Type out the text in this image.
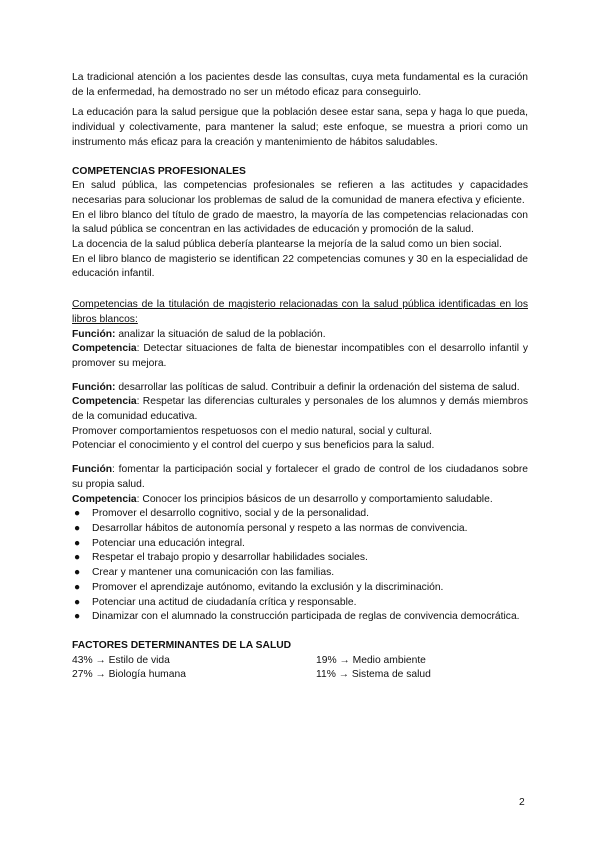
La tradicional atención a los pacientes desde las consultas, cuya meta fundamental es la curación de la enfermedad, ha demostrado no ser un método eficaz para conseguirlo.

La educación para la salud persigue que la población desee estar sana, sepa y haga lo que pueda, individual y colectivamente, para mantener la salud; este enfoque, se muestra a priori como un instrumento más eficaz para la creación y mantenimiento de hábitos saludables.

COMPETENCIAS PROFESIONALES

En salud pública, las competencias profesionales se refieren a las actitudes y capacidades necesarias para solucionar los problemas de salud de la comunidad de manera efectiva y eficiente.

En el libro blanco del título de grado de maestro, la mayoría de las competencias relacionadas con la salud pública se concentran en las actividades de educación y promoción de la salud.

La docencia de la salud pública debería plantearse la mejoría de la salud como un bien social.

En el libro blanco de magisterio se identifican 22 competencias comunes y 30 en la especialidad de educación infantil.

Competencias de la titulación de magisterio relacionadas con la salud pública identificadas en los libros blancos:

Función: analizar la situación de salud de la población.

Competencia: Detectar situaciones de falta de bienestar incompatibles con el desarrollo infantil y promover su mejora.

Función: desarrollar las políticas de salud. Contribuir a definir la ordenación del sistema de salud.

Competencia: Respetar las diferencias culturales y personales de los alumnos y demás miembros de la comunidad educativa.

Promover comportamientos respetuosos con el medio natural, social y cultural.

Potenciar el conocimiento y el control del cuerpo y sus beneficios para la salud.

Función: fomentar la participación social y fortalecer el grado de control de los ciudadanos sobre su propia salud.

Competencia: Conocer los principios básicos de un desarrollo y comportamiento saludable.

● Promover el desarrollo cognitivo, social y de la personalidad.
● Desarrollar hábitos de autonomía personal y respeto a las normas de convivencia.
● Potenciar una educación integral.
● Respetar el trabajo propio y desarrollar habilidades sociales.
● Crear y mantener una comunicación con las familias.
● Promover el aprendizaje autónomo, evitando la exclusión y la discriminación.
● Potenciar una actitud de ciudadanía crítica y responsable.
● Dinamizar con el alumnado la construcción participada de reglas de convivencia democrática.

FACTORES DETERMINANTES DE LA SALUD

43% → Estilo de vida	19% → Medio ambiente
27% → Biología humana	11% → Sistema de salud
2
